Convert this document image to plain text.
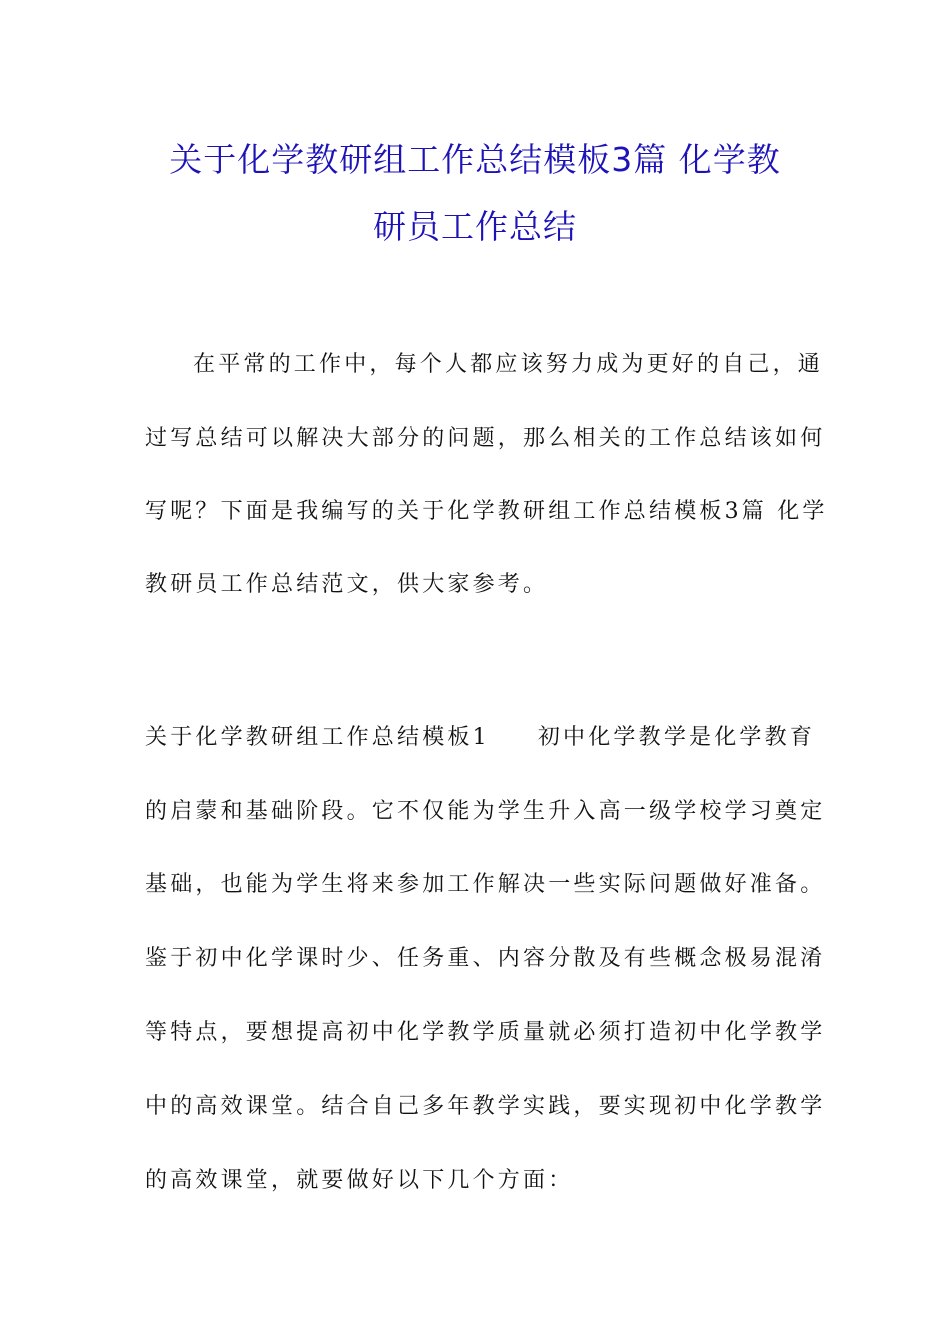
关于化学教研组工作总结模板3篇 化学教
研员工作总结
在平常的工作中，每个人都应该努力成为更好的自己，通
过写总结可以解决大部分的问题，那么相关的工作总结该如何
写呢？下面是我编写的关于化学教研组工作总结模板3篇 化学
教研员工作总结范文，供大家参考。
关于化学教研组工作总结模板1 初中化学教学是化学教育
的启蒙和基础阶段。它不仅能为学生升入高一级学校学习奠定
基础，也能为学生将来参加工作解决一些实际问题做好准备。
鉴于初中化学课时少、任务重、内容分散及有些概念极易混淆
等特点，要想提高初中化学教学质量就必须打造初中化学教学
中的高效课堂。结合自己多年教学实践，要实现初中化学教学
的高效课堂，就要做好以下几个方面：
